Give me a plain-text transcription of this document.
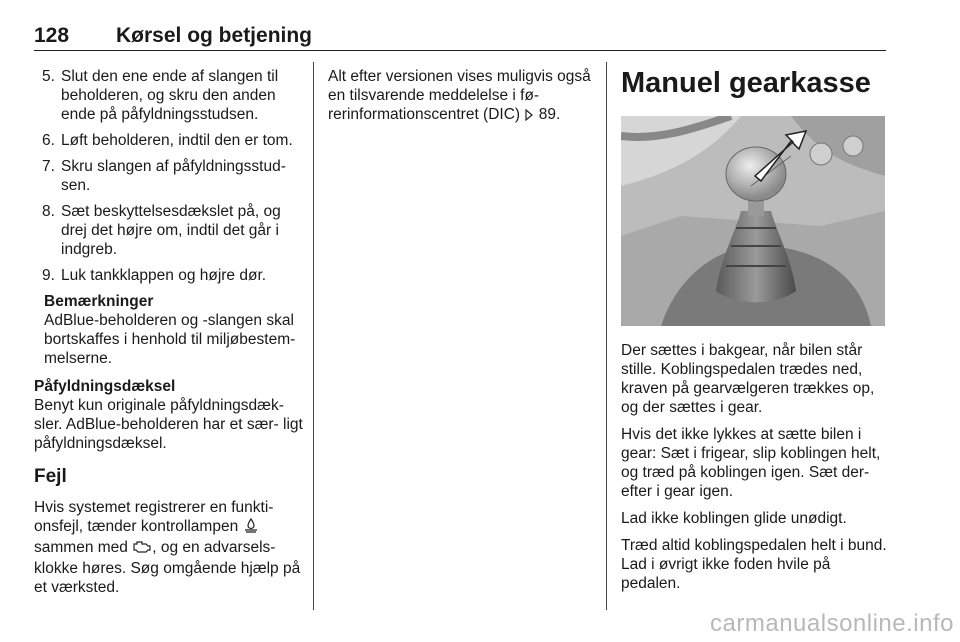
128 Kørsel og betjening
5. Slut den ene ende af slangen til beholderen, og skru den anden ende på påfyldningsstudsen.
6. Løft beholderen, indtil den er tom.
7. Skru slangen af påfyldningsstud‐ sen.
8. Sæt beskyttelsesdækslet på, og drej det højre om, indtil det går i indgreb.
9. Luk tankklappen og højre dør.
Bemærkninger
AdBlue-beholderen og -slangen skal bortskaffes i henhold til miljøbestem‐ melserne.
Påfyldningsdæksel

Benyt kun originale påfyldningsdæk‐ sler. AdBlue-beholderen har et sær‐ ligt påfyldningsdæksel.

Fejl

Hvis systemet registrerer en funkti‐ onsfejl, tænder kontrollampen
sammen med , og en advarsels‐ klokke høres. Søg omgående hjælp på et værksted.

Alt efter versionen vises muligvis også en tilsvarende meddelelse i fø‐ rerinformationscentret (DIC) 89.

Manuel gearkasse

Der sættes i bakgear, når bilen står stille. Koblingspedalen trædes ned, kraven på gearvælgeren trækkes op, og der sættes i gear.

Hvis det ikke lykkes at sætte bilen i gear: Sæt i frigear, slip koblingen helt, og træd på koblingen igen. Sæt der‐ efter i gear igen.

Lad ikke koblingen glide unødigt.

Træd altid koblingspedalen helt i bund. Lad i øvrigt ikke foden hvile på pedalen.

carmanualsonline.info
